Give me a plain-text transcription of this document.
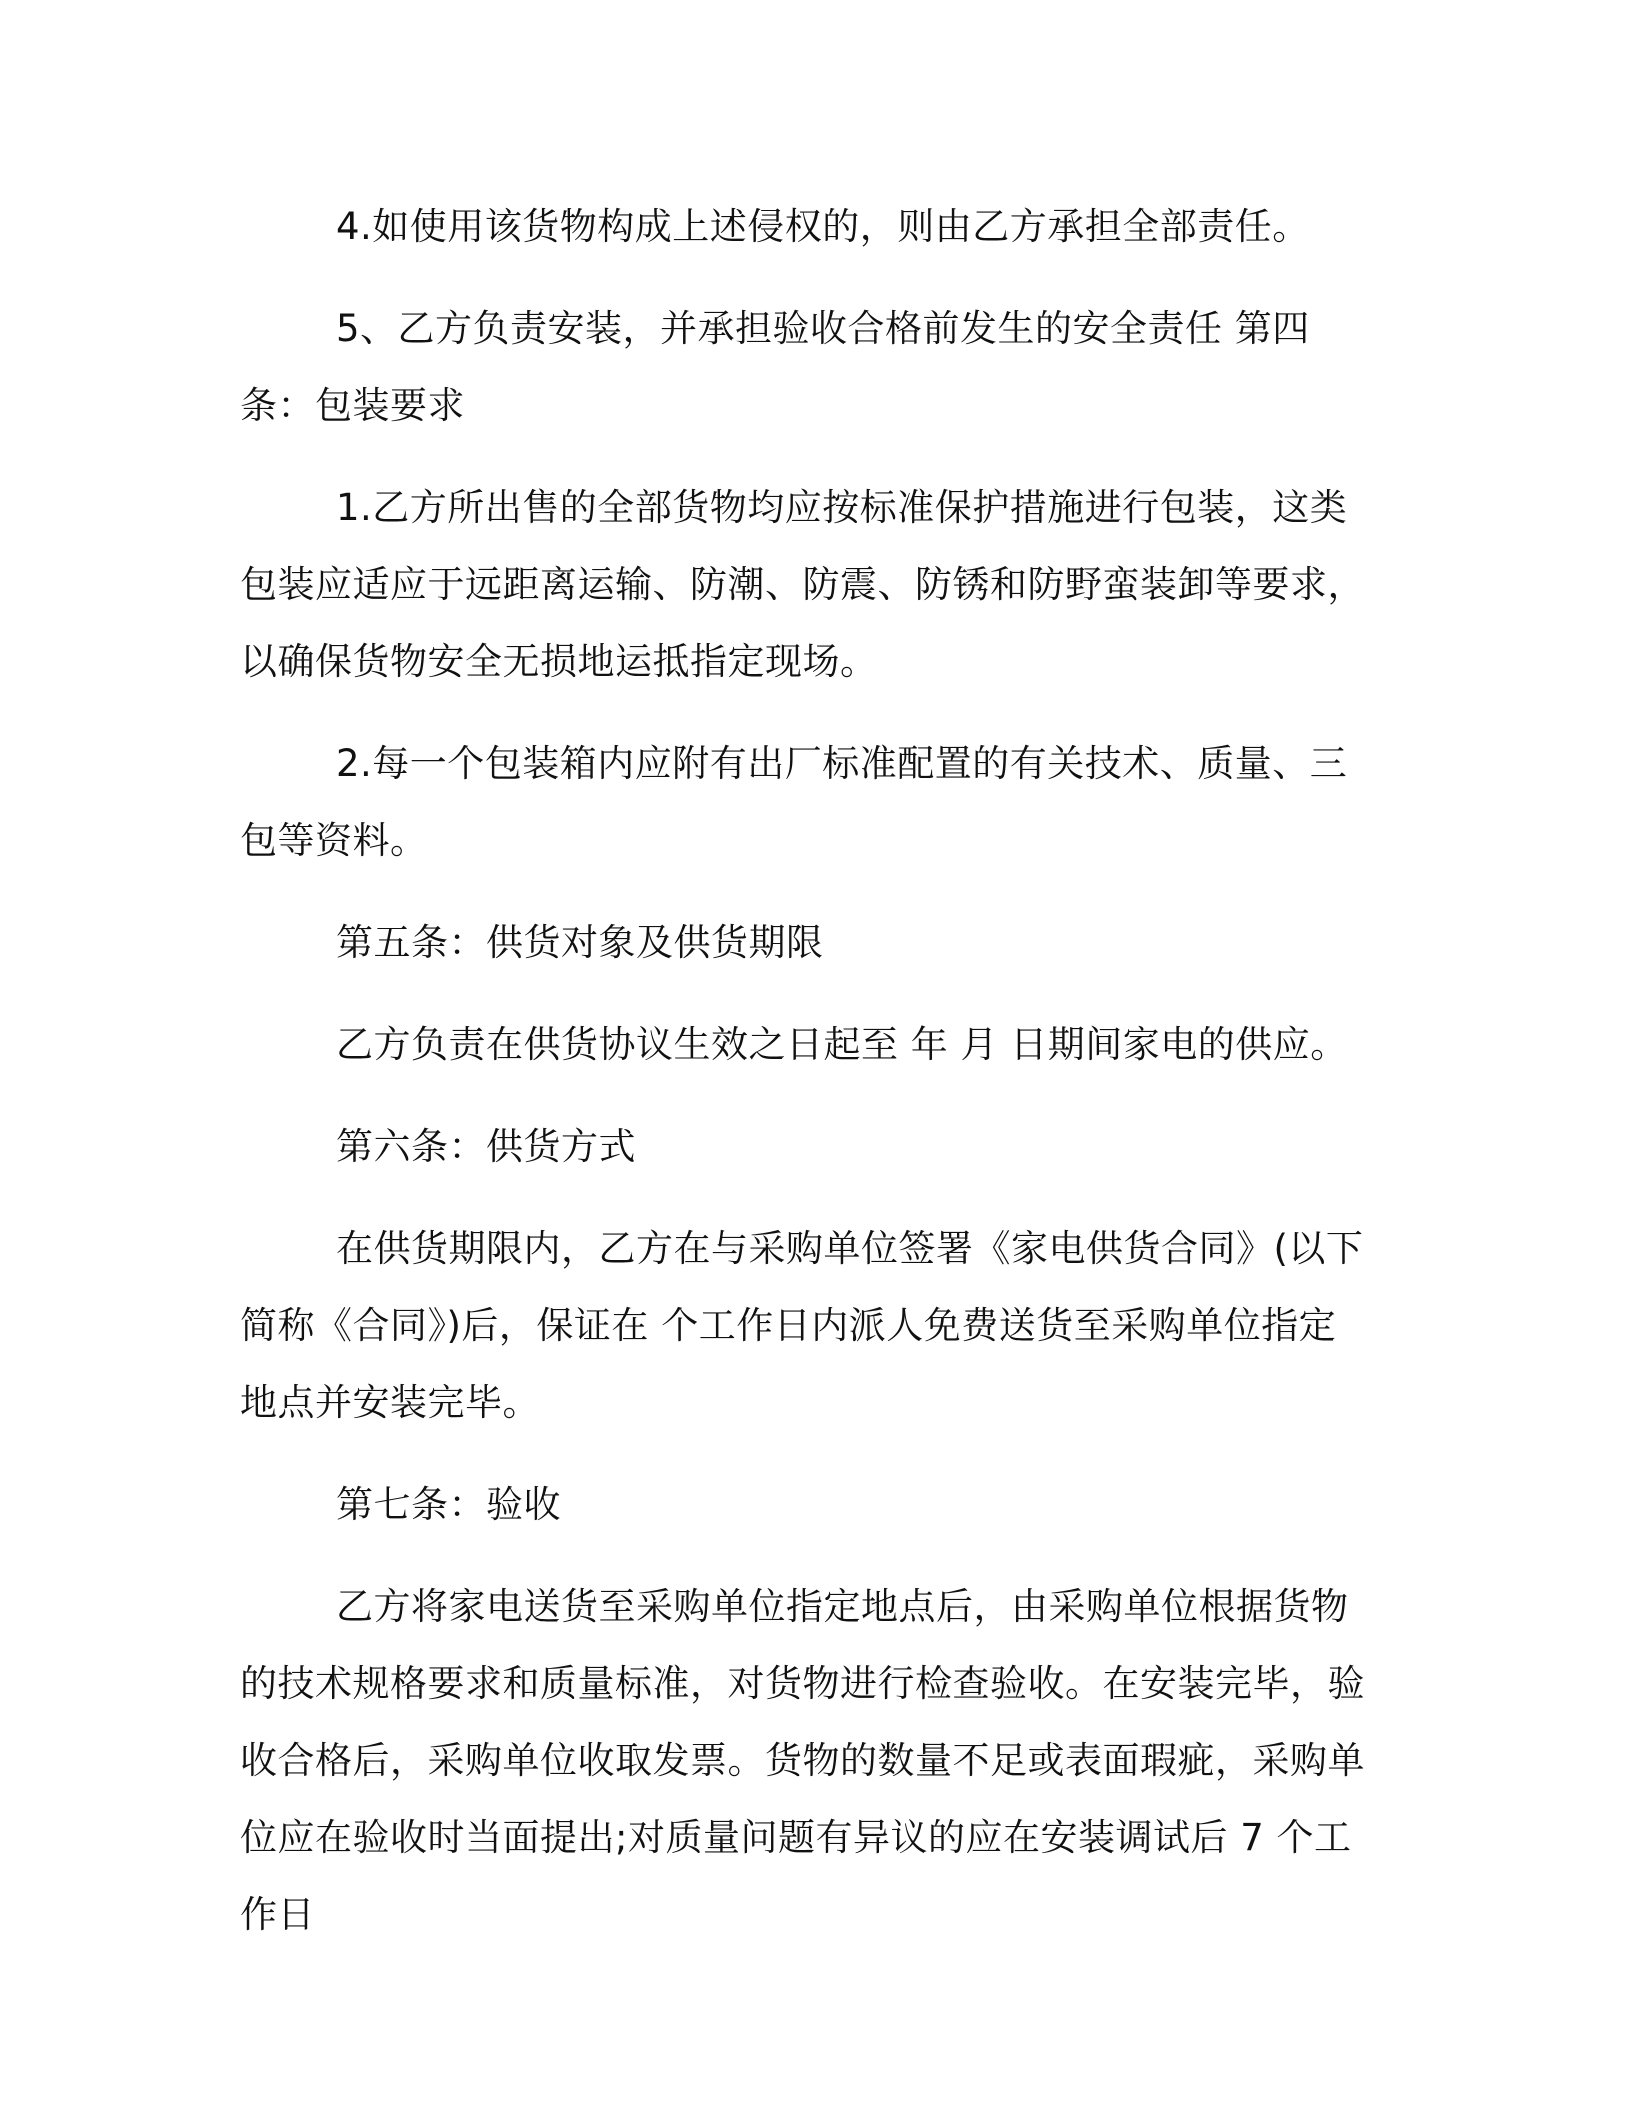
4.如使用该货物构成上述侵权的，则由乙方承担全部责任。

5、乙方负责安装，并承担验收合格前发生的安全责任 第四条：包装要求

1.乙方所出售的全部货物均应按标准保护措施进行包装，这类包装应适应于远距离运输、防潮、防震、防锈和防野蛮装卸等要求，以确保货物安全无损地运抵指定现场。

2.每一个包装箱内应附有出厂标准配置的有关技术、质量、三包等资料。

第五条：供货对象及供货期限

乙方负责在供货协议生效之日起至 年 月 日期间家电的供应。

第六条：供货方式

在供货期限内，乙方在与采购单位签署《家电供货合同》(以下简称《合同》)后，保证在 个工作日内派人免费送货至采购单位指定地点并安装完毕。

第七条：验收

乙方将家电送货至采购单位指定地点后，由采购单位根据货物的技术规格要求和质量标准，对货物进行检查验收。在安装完毕，验收合格后，采购单位收取发票。货物的数量不足或表面瑕疵，采购单位应在验收时当面提出;对质量问题有异议的应在安装调试后 7 个工作日
